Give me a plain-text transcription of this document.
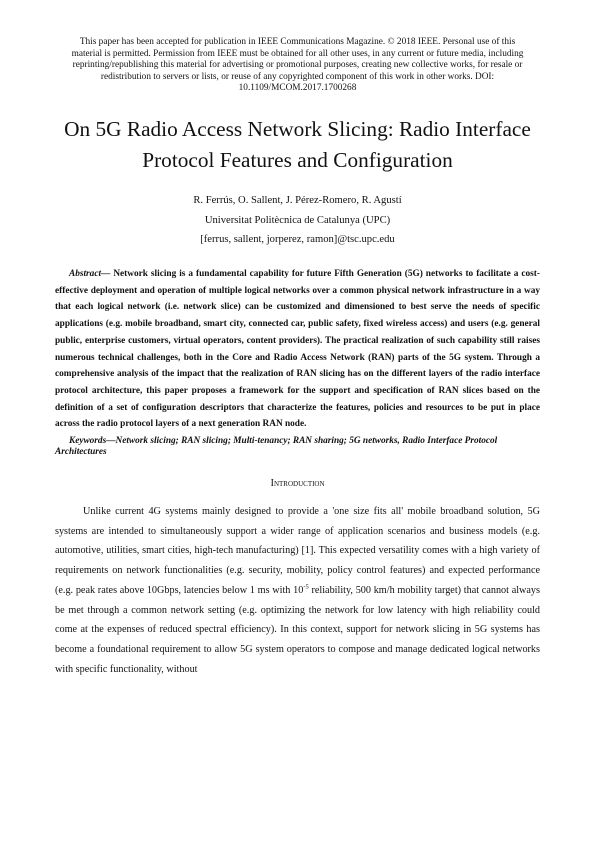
This paper has been accepted for publication in IEEE Communications Magazine. © 2018 IEEE. Personal use of this material is permitted. Permission from IEEE must be obtained for all other uses, in any current or future media, including reprinting/republishing this material for advertising or promotional purposes, creating new collective works, for resale or redistribution to servers or lists, or reuse of any copyrighted component of this work in other works. DOI: 10.1109/MCOM.2017.1700268
On 5G Radio Access Network Slicing: Radio Interface Protocol Features and Configuration
R. Ferrús, O. Sallent, J. Pérez-Romero, R. Agustí
Universitat Politècnica de Catalunya (UPC)
[ferrus, sallent, jorperez, ramon]@tsc.upc.edu

Abstract— Network slicing is a fundamental capability for future Fifth Generation (5G) networks to facilitate a cost-effective deployment and operation of multiple logical networks over a common physical network infrastructure in a way that each logical network (i.e. network slice) can be customized and dimensioned to best serve the needs of specific applications (e.g. mobile broadband, smart city, connected car, public safety, fixed wireless access) and users (e.g. general public, enterprise customers, virtual operators, content providers). The practical realization of such capability still raises numerous technical challenges, both in the Core and Radio Access Network (RAN) parts of the 5G system. Through a comprehensive analysis of the impact that the realization of RAN slicing has on the different layers of the radio interface protocol architecture, this paper proposes a framework for the support and specification of RAN slices based on the definition of a set of configuration descriptors that characterize the features, policies and resources to be put in place across the radio protocol layers of a next generation RAN node.

Keywords—Network slicing; RAN slicing; Multi-tenancy; RAN sharing; 5G networks, Radio Interface Protocol Architectures

Introduction

Unlike current 4G systems mainly designed to provide a 'one size fits all' mobile broadband solution, 5G systems are intended to simultaneously support a wider range of application scenarios and business models (e.g. automotive, utilities, smart cities, high-tech manufacturing) [1]. This expected versatility comes with a high variety of requirements on network functionalities (e.g. security, mobility, policy control features) and expected performance (e.g. peak rates above 10Gbps, latencies below 1 ms with $10^{-5}$ reliability, 500 km/h mobility target) that cannot always be met through a common network setting (e.g. optimizing the network for low latency with high reliability could come at the expenses of reduced spectral efficiency). In this context, support for network slicing in 5G systems has become a foundational requirement to allow 5G system operators to compose and manage dedicated logical networks with specific functionality, without
